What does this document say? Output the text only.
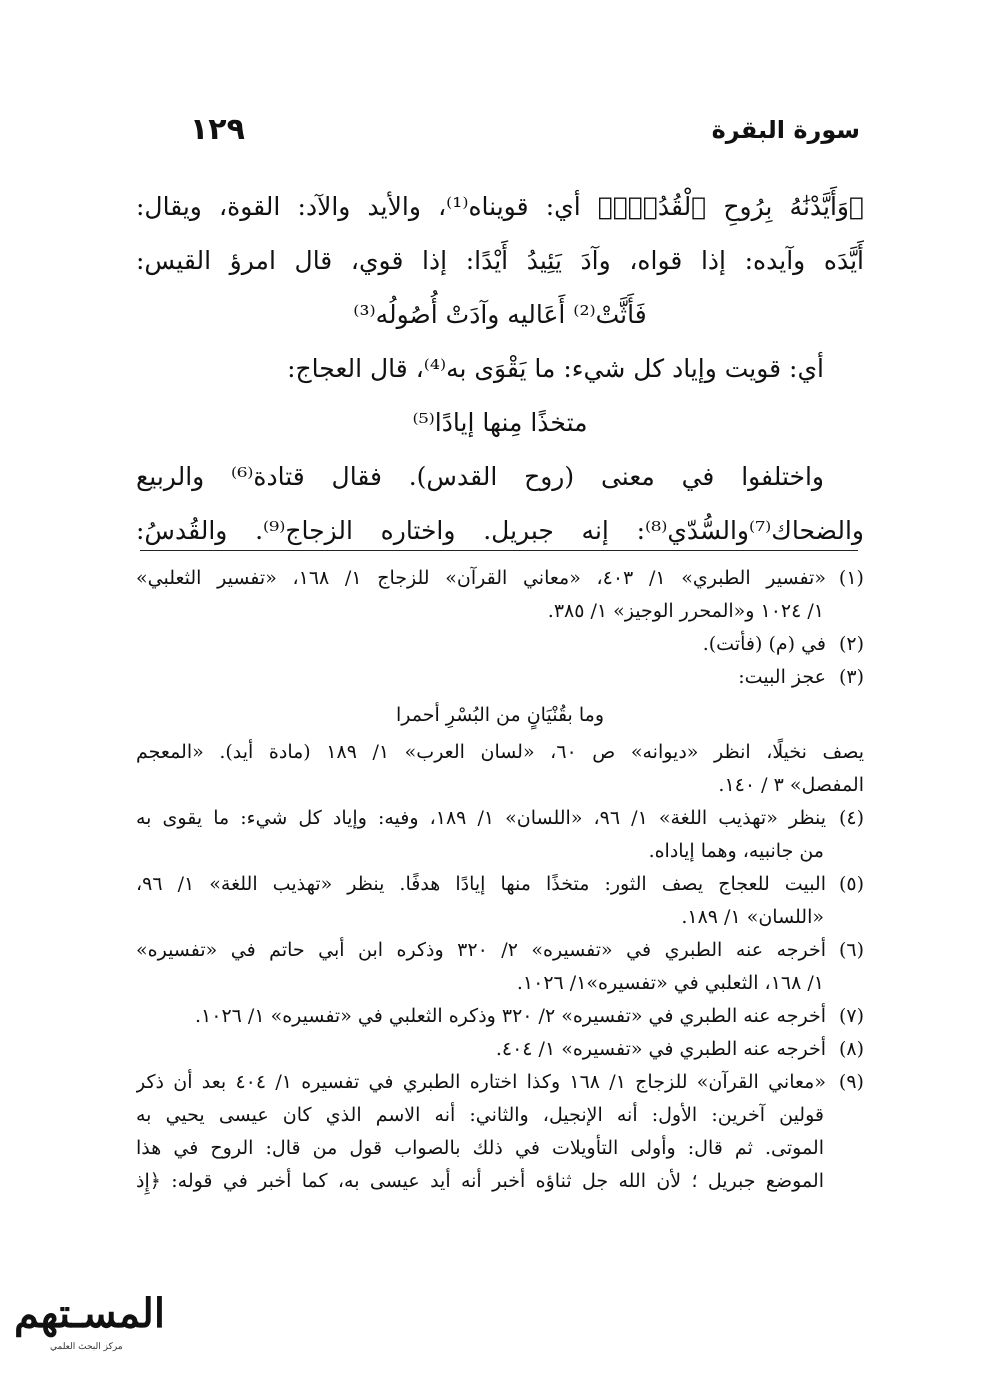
١٢٩	سورة البقرة
﴿وَأَيَّدْنَٰهُ بِرُوحِ ٱلْقُدُسِۗ﴾ أي: قويناه⁽¹⁾، والأيد والآد: القوة، ويقال:
أَيَّدَه وآيده: إذا قواه، وآدَ يَئِيدُ أَيْدًا: إذا قوي، قال امرؤ القيس:
فَأَثَّتْ⁽²⁾ أَعَاليه وآدَتْ أُصُولُه⁽³⁾
أي: قويت وإياد كل شيء: ما يَقْوَى به⁽⁴⁾، قال العجاج:
متخذًا مِنها إيادًا⁽⁵⁾
واختلفوا في معنى (روح القدس). فقال قتادة⁽⁶⁾ والربيع
والضحاك⁽⁷⁾والسُّدّي⁽⁸⁾: إنه جبريل. واختاره الزجاج⁽⁹⁾. والقُدسُ:
(١)«تفسير الطبري» ١/ ٤٠٣، «معاني القرآن» للزجاج ١/ ١٦٨، «تفسير الثعلبي»
١/ ١٠٢٤ و«المحرر الوجيز» ١/ ٣٨٥.
(٢)في (م) (فأتت).
(٣)عجز البيت:
وما بقُنْيَانٍ من البُسْرِ أحمرا
يصف نخيلًا، انظر «ديوانه» ص ٦٠، «لسان العرب» ١/ ١٨٩ (مادة أيد). «المعجم
المفصل» ٣ / ١٤٠.
(٤)ينظر «تهذيب اللغة» ١/ ٩٦، «اللسان» ١/ ١٨٩، وفيه: وإياد كل شيء: ما يقوى به
من جانبيه، وهما إياداه.
(٥)البيت للعجاج يصف الثور: متخذًا منها إيادًا هدفًا. ينظر «تهذيب اللغة» ١/ ٩٦،
«اللسان» ١/ ١٨٩.
(٦)أخرجه عنه الطبري في «تفسيره» ٢/ ٣٢٠ وذكره ابن أبي حاتم في «تفسيره»
١/ ١٦٨، الثعلبي في «تفسيره»١/ ١٠٢٦.
(٧)أخرجه عنه الطبري في «تفسيره» ٢/ ٣٢٠ وذكره الثعلبي في «تفسيره» ١/ ١٠٢٦.
(٨)أخرجه عنه الطبري في «تفسيره» ١/ ٤٠٤.
(٩)«معاني القرآن» للزجاج ١/ ١٦٨ وكذا اختاره الطبري في تفسيره ١/ ٤٠٤ بعد أن ذكر
قولين آخرين: الأول: أنه الإنجيل، والثاني: أنه الاسم الذي كان عيسى يحيي به
الموتى. ثم قال: وأولى التأويلات في ذلك بالصواب قول من قال: الروح في هذا
الموضع جبريل ؛ لأن الله جل ثناؤه أخبر أنه أيد عيسى به، كما أخبر في قوله: ﴿إِذ
المسـتهم
مركز البحث العلمي
